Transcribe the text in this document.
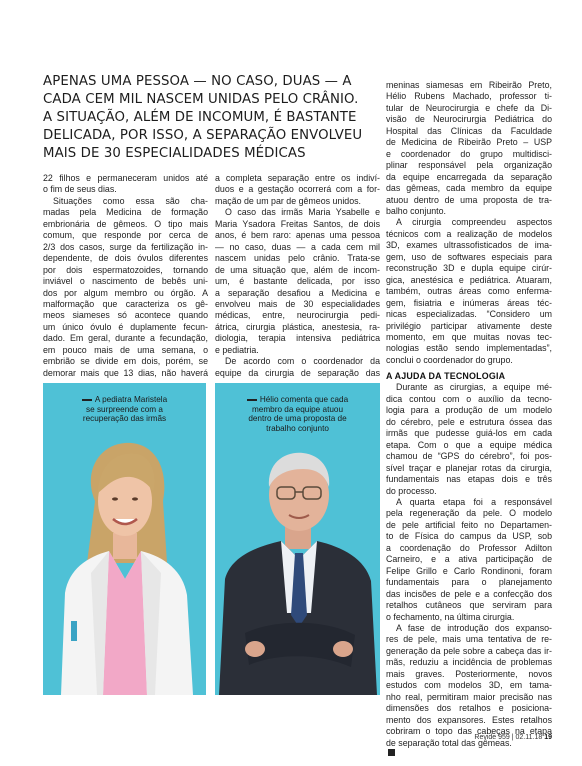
APENAS UMA PESSOA — NO CASO, DUAS — A
CADA CEM MIL NASCEM UNIDAS PELO CRÂNIO.
A SITUAÇÃO, ALÉM DE INCOMUM, É BASTANTE
DELICADA, POR ISSO, A SEPARAÇÃO ENVOLVEU
MAIS DE 30 ESPECIALIDADES MÉDICAS
22 filhos e permaneceram unidos até
o fim de seus dias.
Situações como essa são cha-
madas pela Medicina de formação
embrionária de gêmeos. O tipo mais
comum, que responde por cerca de
2/3 dos casos, surge da fertilização in-
dependente, de dois óvulos diferentes
por dois espermatozoides, tornando
inviável o nascimento de bebês uni-
dos por algum membro ou órgão. A
malformação que caracteriza os gê-
meos siameses só acontece quando
um único óvulo é duplamente fecun-
dado. Em geral, durante a fecundação,
em pouco mais de uma semana, o
embrião se divide em dois, porém, se
demorar mais que 13 dias, não haverá
a completa separação entre os indiví-
duos e a gestação ocorrerá com a for-
mação de um par de gêmeos unidos.
O caso das irmãs Maria Ysabelle e
Maria Ysadora Freitas Santos, de dois
anos, é bem raro: apenas uma pessoa
— no caso, duas — a cada cem mil
nascem unidas pelo crânio. Trata-se
de uma situação que, além de incom-
um, é bastante delicada, por isso
a separação desafiou a Medicina e
envolveu mais de 30 especialidades
médicas, entre, neurocirurgia pedi-
átrica, cirurgia plástica, anestesia, ra-
diologia, terapia intensiva pediátrica
e pediatria.
De acordo com o coordenador da
equipe da cirurgia de separação das
meninas siamesas em Ribeirão Preto,
Hélio Rubens Machado, professor ti-
tular de Neurocirurgia e chefe da Di-
visão de Neurocirurgia Pediátrica do
Hospital das Clínicas da Faculdade
de Medicina de Ribeirão Preto – USP
e coordenador do grupo multidisci-
plinar responsável pela organização
da equipe encarregada da separação
das gêmeas, cada membro da equipe
atuou dentro de uma proposta de tra-
balho conjunto.
A cirurgia compreendeu aspectos
técnicos com a realização de modelos
3D, exames ultrassofisticados de ima-
gem, uso de softwares especiais para
reconstrução 3D e dupla equipe cirúr-
gica, anestésica e pediátrica. Atuaram,
também, outras áreas como enferma-
gem, fisiatria e inúmeras áreas téc-
nicas especializadas. “Considero um
privilégio participar ativamente deste
momento, em que muitas novas tec-
nologias estão sendo implementadas”,
conclui o coordenador do grupo.
A AJUDA DA TECNOLOGIA
Durante as cirurgias, a equipe mé-
dica contou com o auxílio da tecno-
logia para a produção de um modelo
do cérebro, pele e estrutura óssea das
irmãs que pudesse guiá-los em cada
etapa. Com o que a equipe médica
chamou de “GPS do cérebro”, foi pos-
sível traçar e planejar rotas da cirurgia,
fundamentais nas etapas dois e três
do processo.
A quarta etapa foi a responsável
pela regeneração da pele. O modelo
de pele artificial feito no Departamen-
to de Física do campus da USP, sob
a coordenação do Professor Adilton
Carneiro, e a ativa participação de
Felipe Grillo e Carlo Rondinoni, foram
fundamentais para o planejamento
das incisões de pele e a confecção dos
retalhos cutâneos que serviram para
o fechamento, na última cirurgia.
A fase de introdução dos expanso-
res de pele, mais uma tentativa de re-
generação da pele sobre a cabeça das ir-
mãs, reduziu a incidência de problemas
mais graves. Posteriormente, novos
estudos com modelos 3D, em tama-
nho real, permitiram maior precisão nas
dimensões dos retalhos e posiciona-
mento dos expansores. Estes retalhos
cobriram o topo das cabeças na etapa
de separação total das gêmeas.
A pediatra Maristela
se surpreende com a
recuperação das irmãs
Hélio comenta que cada
membro da equipe atuou
dentro de uma proposta de
trabalho conjunto
Revide 959 | 02.11.18 19
